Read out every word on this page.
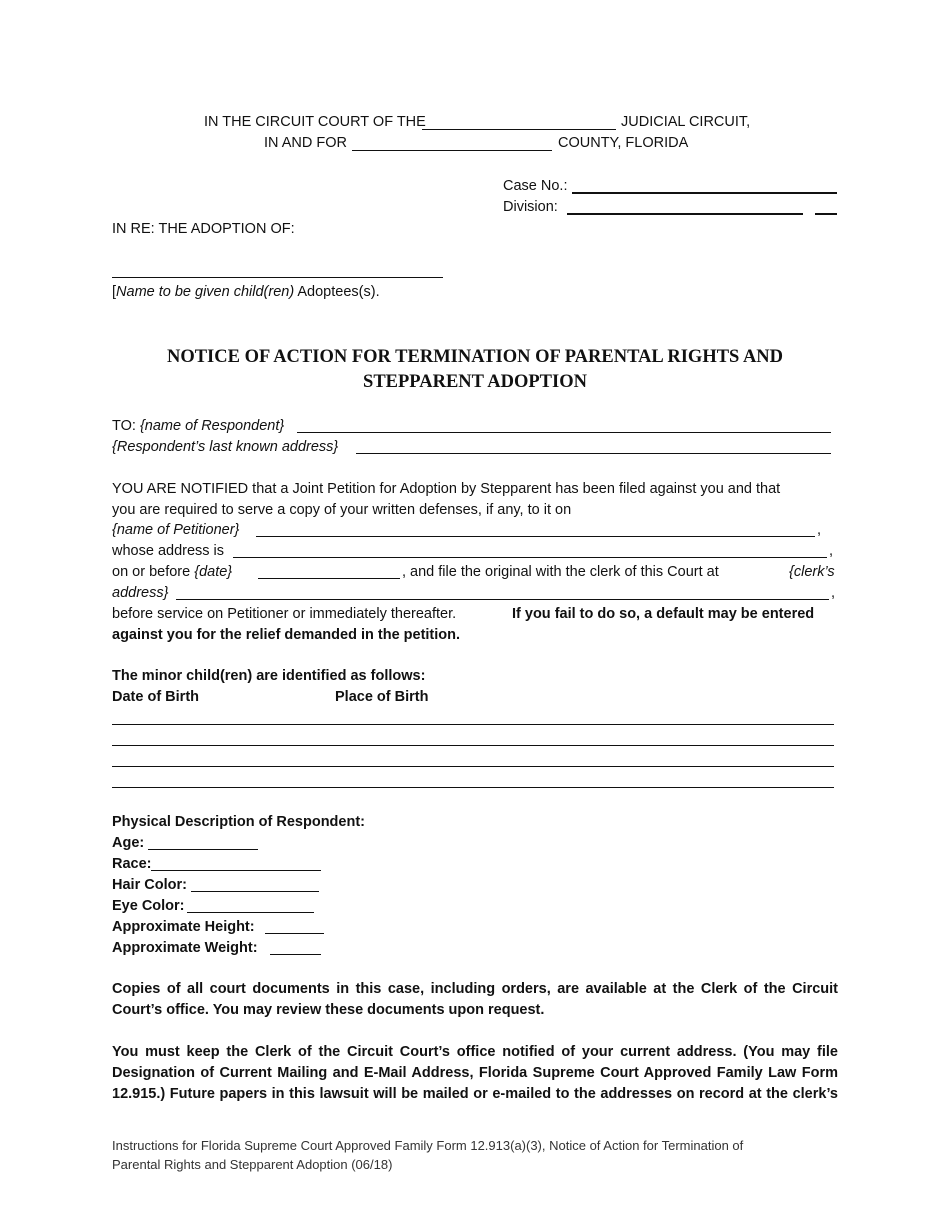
IN THE CIRCUIT COURT OF THE	JUDICIAL CIRCUIT,
IN AND FOR	COUNTY, FLORIDA
Case No.:
Division:
IN RE: THE ADOPTION OF:
[Name to be given child(ren) Adoptees(s).
NOTICE OF ACTION FOR TERMINATION OF PARENTAL RIGHTS AND
STEPPARENT ADOPTION
TO: {name of Respondent}
{Respondent’s last known address}
YOU ARE NOTIFIED that a Joint Petition for Adoption by Stepparent has been filed against you and that
you are required to serve a copy of your written defenses, if any, to it on
{name of Petitioner}	,
whose address is	,
on or before {date}	, and file the original with the clerk of this Court at	{clerk’s
address}	,
before service on Petitioner or immediately thereafter.	If you fail to do so, a default may be entered
against you for the relief demanded in the petition.
The minor child(ren) are identified as follows:
Date of Birth	Place of Birth
Physical Description of Respondent:
Age:
Race:
Hair Color:
Eye Color:
Approximate Height:
Approximate Weight:
Copies of all court documents in this case, including orders, are available at the Clerk of the Circuit
Court’s office. You may review these documents upon request.
You must keep the Clerk of the Circuit Court’s office notified of your current address. (You may file
Designation of Current Mailing and E-Mail Address, Florida Supreme Court Approved Family Law Form
12.915.) Future papers in this lawsuit will be mailed or e-mailed to the addresses on record at the clerk’s
Instructions for Florida Supreme Court Approved Family Form 12.913(a)(3), Notice of Action for Termination of
Parental Rights and Stepparent Adoption (06/18)
